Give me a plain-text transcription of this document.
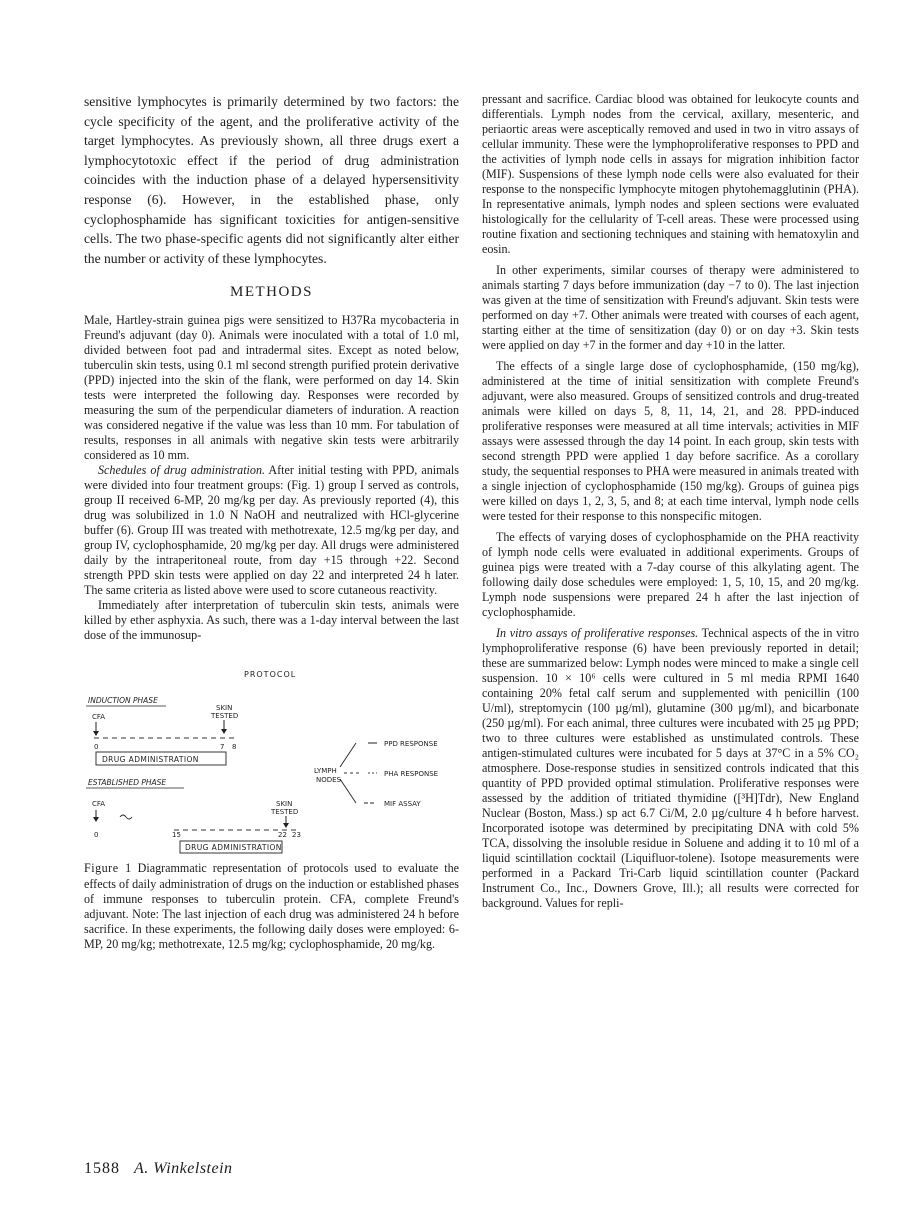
sensitive lymphocytes is primarily determined by two factors: the cycle specificity of the agent, and the proliferative activity of the target lymphocytes. As previously shown, all three drugs exert a lymphocytotoxic effect if the period of drug administration coincides with the induction phase of a delayed hypersensitivity response (6). However, in the established phase, only cyclophosphamide has significant toxicities for antigen-sensitive cells. The two phase-specific agents did not significantly alter either the number or activity of these lymphocytes.

METHODS

Male, Hartley-strain guinea pigs were sensitized to H37Ra mycobacteria in Freund's adjuvant (day 0). Animals were inoculated with a total of 1.0 ml, divided between foot pad and intradermal sites. Except as noted below, tuberculin skin tests, using 0.1 ml second strength purified protein derivative (PPD) injected into the skin of the flank, were performed on day 14. Skin tests were interpreted the following day. Responses were recorded by measuring the sum of the perpendicular diameters of induration. A reaction was considered negative if the value was less than 10 mm. For tabulation of results, responses in all animals with negative skin tests were arbitrarily considered as 10 mm.

Schedules of drug administration. After initial testing with PPD, animals were divided into four treatment groups: (Fig. 1) group I served as controls, group II received 6-MP, 20 mg/kg per day. As previously reported (4), this drug was solubilized in 1.0 N NaOH and neutralized with HCl-glycerine buffer (6). Group III was treated with methotrexate, 12.5 mg/kg per day, and group IV, cyclophosphamide, 20 mg/kg per day. All drugs were administered daily by the intraperitoneal route, from day +15 through +22. Second strength PPD skin tests were applied on day 22 and interpreted 24 h later. The same criteria as listed above were used to score cutaneous reactivity.

Immediately after interpretation of tuberculin skin tests, animals were killed by ether asphyxia. As such, there was a 1-day interval between the last dose of the immunosup-

PROTOCOL
INDUCTION PHASE
CFA
SKIN
TESTED
0	7 8
DRUG ADMINISTRATION
ESTABLISHED PHASE
CFA	SKIN
TESTED
0	15	22 23
DRUG ADMINISTRATION
LYMPH
NODES
PPD RESPONSE
PHA RESPONSE
MIF ASSAY

Figure 1 Diagrammatic representation of protocols used to evaluate the effects of daily administration of drugs on the induction or established phases of immune responses to tuberculin protein. CFA, complete Freund's adjuvant. Note: The last injection of each drug was administered 24 h before sacrifice. In these experiments, the following daily doses were employed: 6-MP, 20 mg/kg; methotrexate, 12.5 mg/kg; cyclophosphamide, 20 mg/kg.

pressant and sacrifice. Cardiac blood was obtained for leukocyte counts and differentials. Lymph nodes from the cervical, axillary, mesenteric, and periaortic areas were asceptically removed and used in two in vitro assays of cellular immunity. These were the lymphoproliferative responses to PPD and the activities of lymph node cells in assays for migration inhibition factor (MIF). Suspensions of these lymph node cells were also evaluated for their response to the nonspecific lymphocyte mitogen phytohemagglutinin (PHA). In representative animals, lymph nodes and spleen sections were evaluated histologically for the cellularity of T-cell areas. These were processed using routine fixation and sectioning techniques and staining with hematoxylin and eosin.

In other experiments, similar courses of therapy were administered to animals starting 7 days before immunization (day −7 to 0). The last injection was given at the time of sensitization with Freund's adjuvant. Skin tests were performed on day +7. Other animals were treated with courses of each agent, starting either at the time of sensitization (day 0) or on day +3. Skin tests were applied on day +7 in the former and day +10 in the latter.

The effects of a single large dose of cyclophosphamide, (150 mg/kg), administered at the time of initial sensitization with complete Freund's adjuvant, were also measured. Groups of sensitized controls and drug-treated animals were killed on days 5, 8, 11, 14, 21, and 28. PPD-induced proliferative responses were measured at all time intervals; activities in MIF assays were assessed through the day 14 point. In each group, skin tests with second strength PPD were applied 1 day before sacrifice. As a corollary study, the sequential responses to PHA were measured in animals treated with a single injection of cyclophosphamide (150 mg/kg). Groups of guinea pigs were killed on days 1, 2, 3, 5, and 8; at each time interval, lymph node cells were tested for their response to this nonspecific mitogen.

The effects of varying doses of cyclophosphamide on the PHA reactivity of lymph node cells were evaluated in additional experiments. Groups of guinea pigs were treated with a 7-day course of this alkylating agent. The following daily dose schedules were employed: 1, 5, 10, 15, and 20 mg/kg. Lymph node suspensions were prepared 24 h after the last injection of cyclophosphamide.

In vitro assays of proliferative responses. Technical aspects of the in vitro lymphoproliferative response (6) have been previously reported in detail; these are summarized below: Lymph nodes were minced to make a single cell suspension. 10 × 10⁶ cells were cultured in 5 ml media RPMI 1640 containing 20% fetal calf serum and supplemented with penicillin (100 U/ml), streptomycin (100 µg/ml), glutamine (300 µg/ml), and bicarbonate (250 µg/ml). For each animal, three cultures were incubated with 25 µg PPD; two to three cultures were established as unstimulated controls. These antigen-stimulated cultures were incubated for 5 days at 37°C in a 5% CO₂ atmosphere. Dose-response studies in sensitized controls indicated that this quantity of PPD provided optimal stimulation. Proliferative responses were assessed by the addition of tritiated thymidine ([³H]Tdr), New England Nuclear (Boston, Mass.) sp act 6.7 Ci/M, 2.0 µg/culture 4 h before harvest. Incorporated isotope was determined by precipitating DNA with cold 5% TCA, dissolving the insoluble residue in Soluene and adding it to 10 ml of a liquid scintillation cocktail (Liquifluor-tolene). Isotope measurements were performed in a Packard Tri-Carb liquid scintillation counter (Packard Instrument Co., Inc., Downers Grove, Ill.); all results were corrected for background. Values for repli-

1588 A. Winkelstein
